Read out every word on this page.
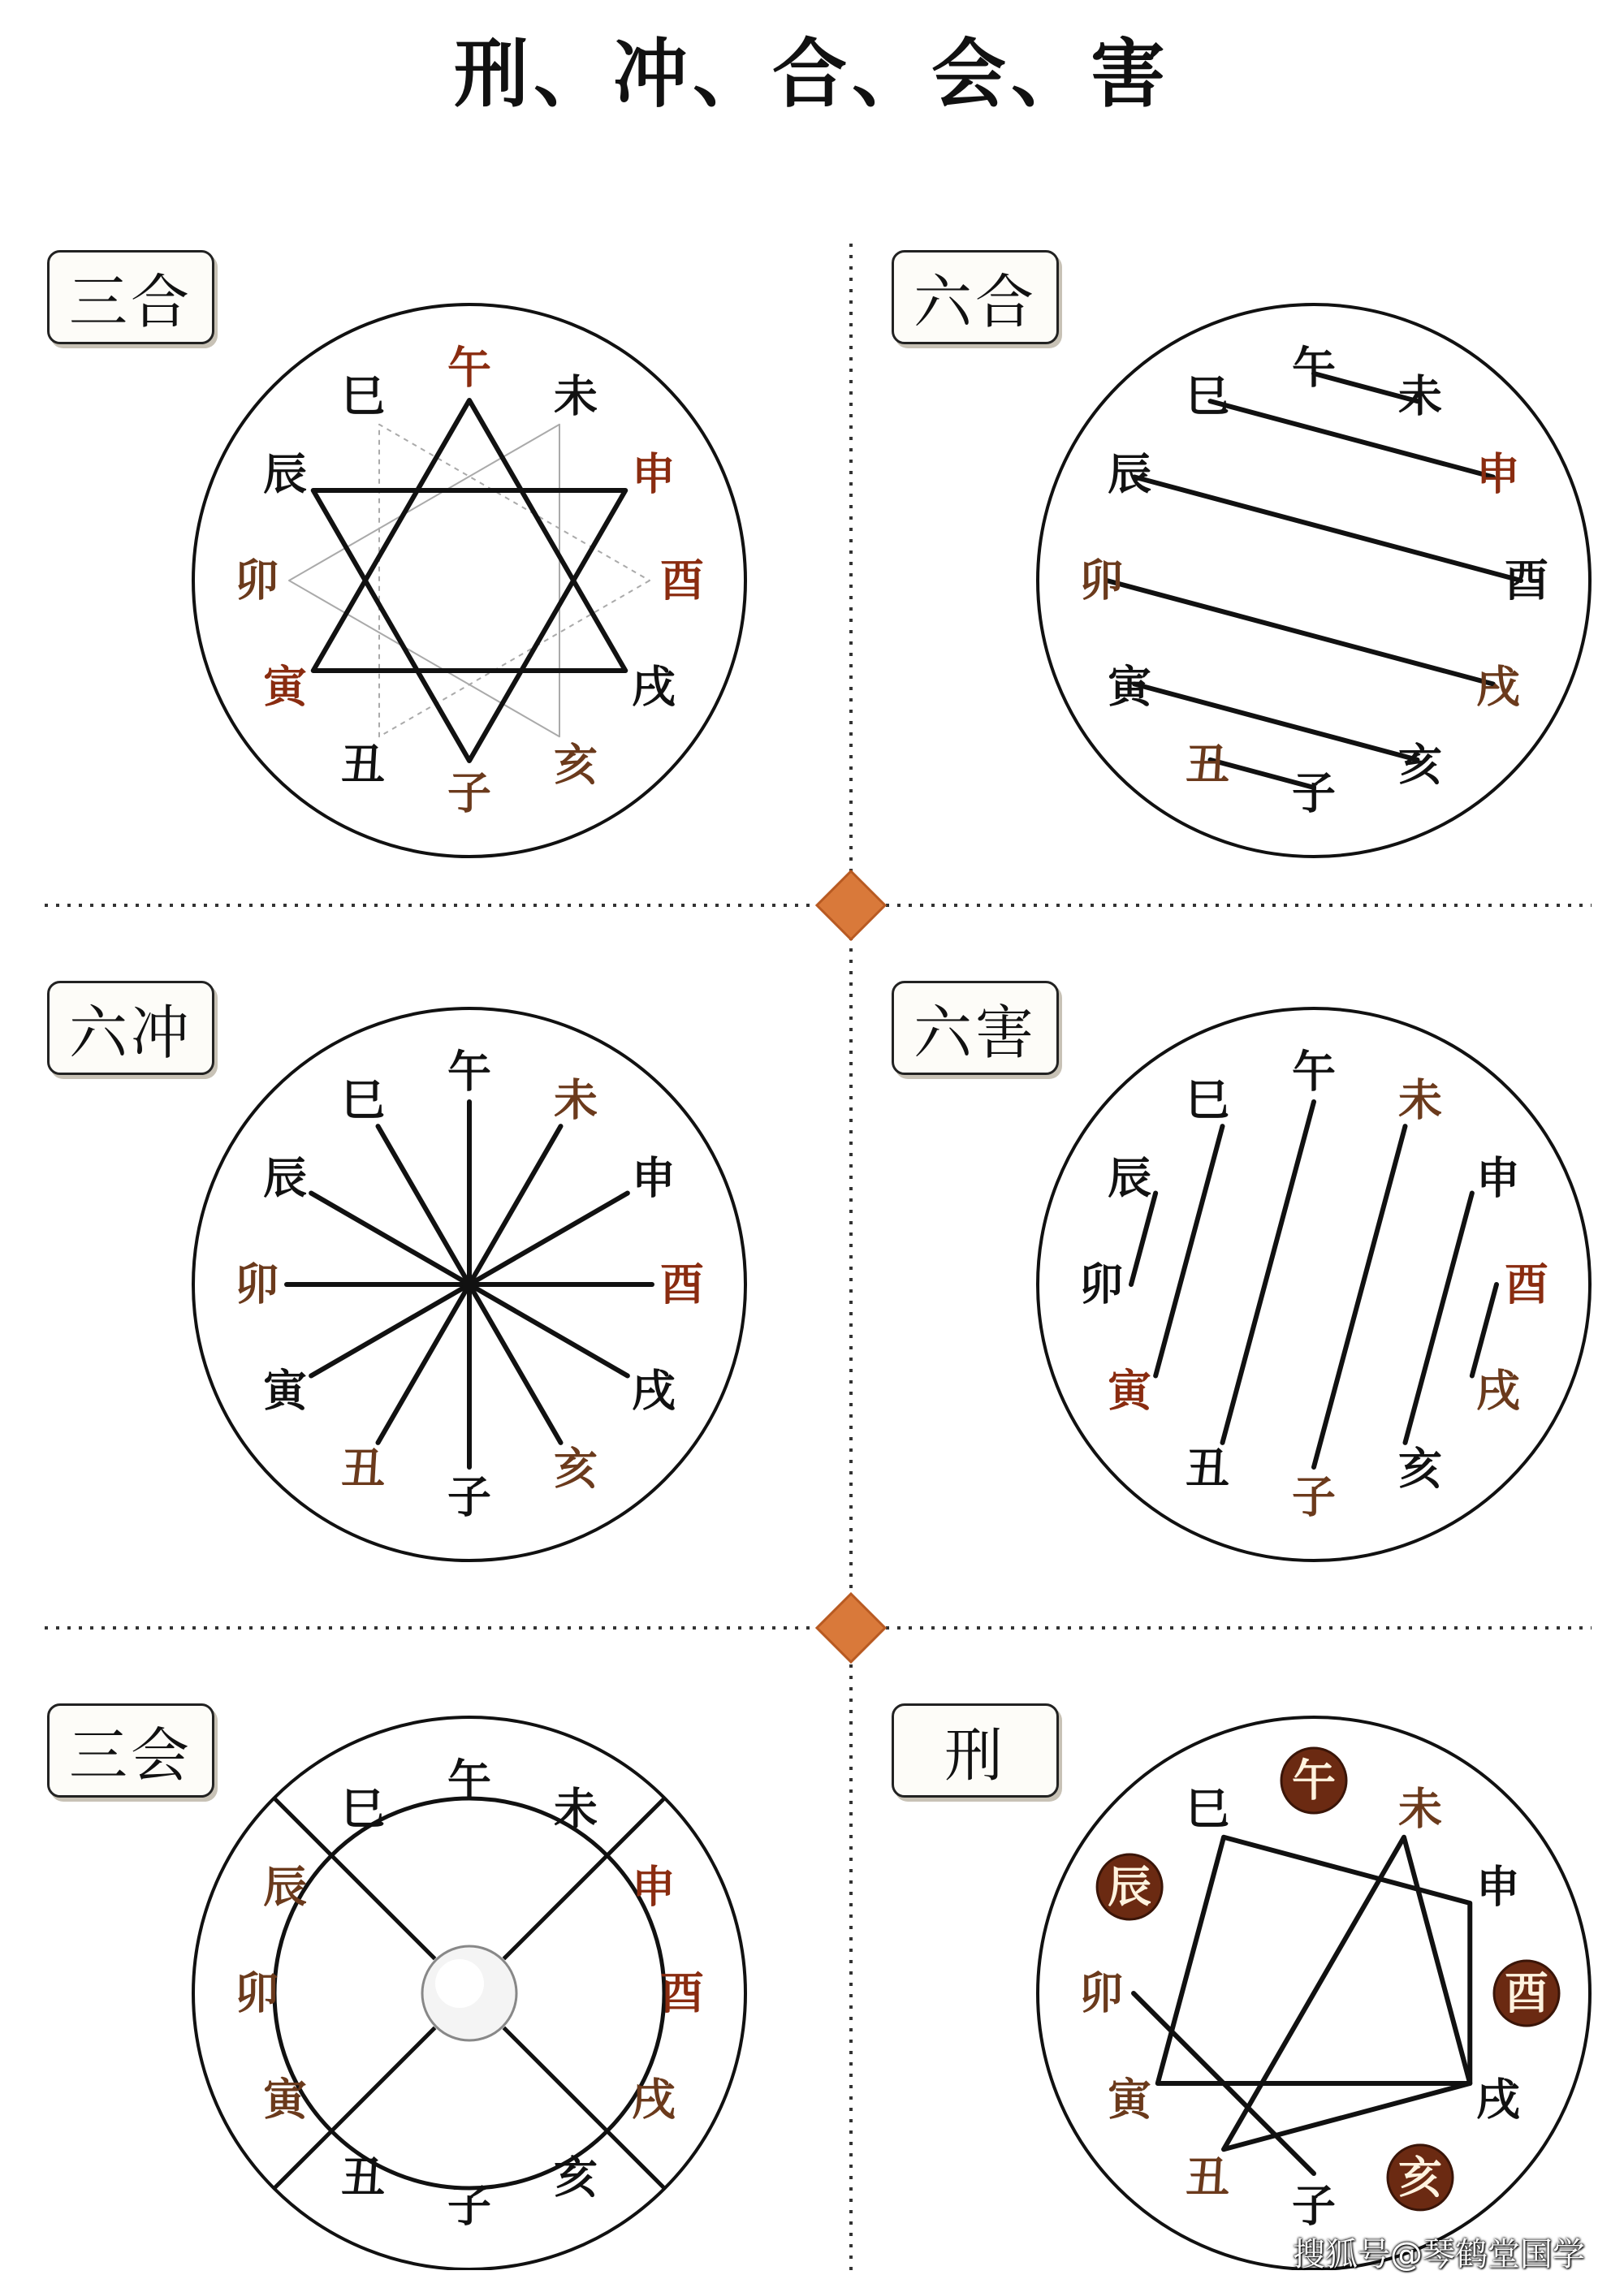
刑、冲、合、会、害
三合	六合
六冲	六害
三会	刑
午
未
申
酉
戌
亥
子
丑
寅
卯
辰
巳
午
未
申
酉
戌
亥
子
丑
寅
卯
辰
巳
午
未
申
酉
戌
亥
子
丑
寅
卯
辰
巳
午
未
申
酉
戌
亥
子
丑
寅
卯
辰
巳
午
未
申
酉
戌
亥
子
丑
寅
卯
辰
巳
午
未
申
酉
戌
亥
子
丑
寅
卯
辰
巳
搜狐号@琴鹤堂国学
